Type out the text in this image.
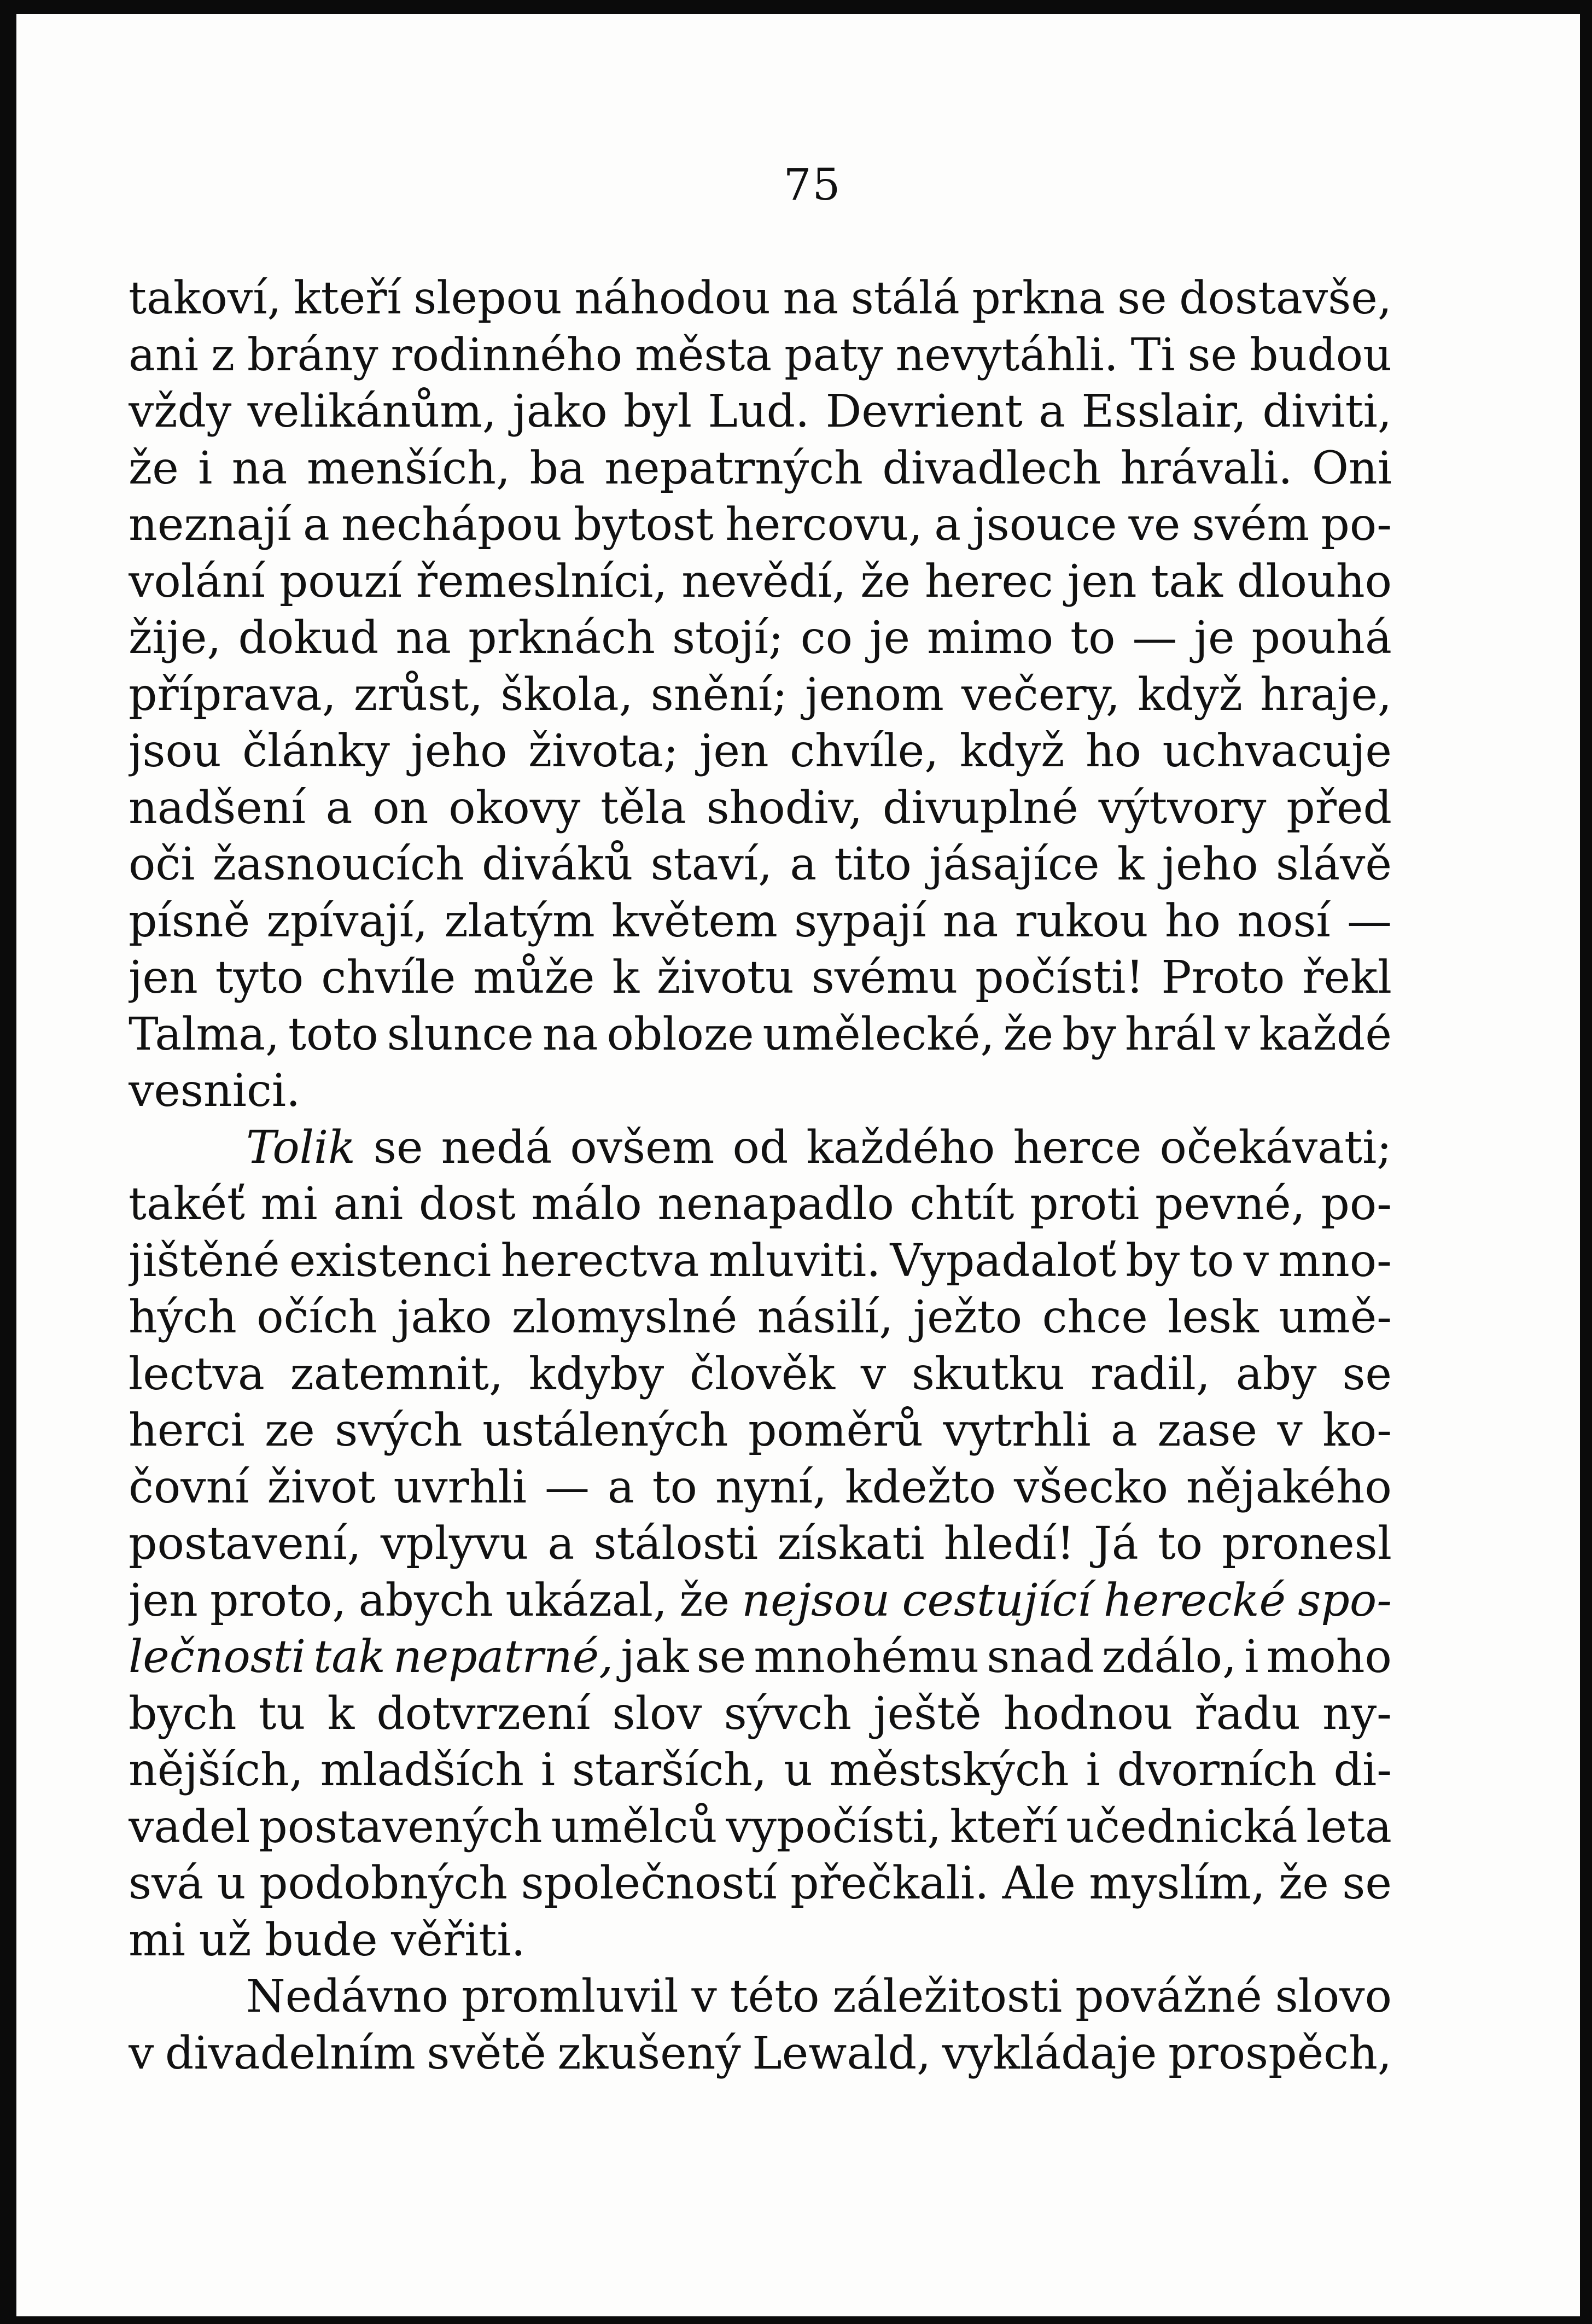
75
takoví, kteří slepou náhodou na stálá prkna se dostavše,
ani z brány rodinného města paty nevytáhli. Ti se budou
vždy velikánům, jako byl Lud. Devrient a Esslair, diviti,
že i na menších, ba nepatrných divadlech hrávali. Oni
neznají a nechápou bytost hercovu, a jsouce ve svém po-
volání pouzí řemeslníci, nevědí, že herec jen tak dlouho
žije, dokud na prknách stojí; co je mimo to — je pouhá
příprava, zrůst, škola, snění; jenom večery, když hraje,
jsou články jeho života; jen chvíle, když ho uchvacuje
nadšení a on okovy těla shodiv, divuplné výtvory před
oči žasnoucích diváků staví, a tito jásajíce k jeho slávě
písně zpívají, zlatým květem sypají na rukou ho nosí —
jen tyto chvíle může k životu svému počísti! Proto řekl
Talma, toto slunce na obloze umělecké, že by hrál v každé
vesnici.
Tolik se nedá ovšem od každého herce očekávati;
takéť mi ani dost málo nenapadlo chtít proti pevné, po-
jištěné existenci herectva mluviti. Vypadaloť by to v mno-
hých očích jako zlomyslné násilí, ježto chce lesk umě-
lectva zatemnit, kdyby člověk v skutku radil, aby se
herci ze svých ustálených poměrů vytrhli a zase v ko-
čovní život uvrhli — a to nyní, kdežto všecko nějakého
postavení, vplyvu a stálosti získati hledí! Já to pronesl
jen proto, abych ukázal, že nejsou cestující herecké spo-
lečnosti tak nepatrné, jak se mnohému snad zdálo, i moho
bych tu k dotvrzení slov sývch ještě hodnou řadu ny-
nějších, mladších i starších, u městských i dvorních di-
vadel postavených umělců vypočísti, kteří učednická leta
svá u podobných společností přečkali. Ale myslím, že se
mi už bude věřiti.
Nedávno promluvil v této záležitosti povážné slovo
v divadelním světě zkušený Lewald, vykládaje prospěch,
